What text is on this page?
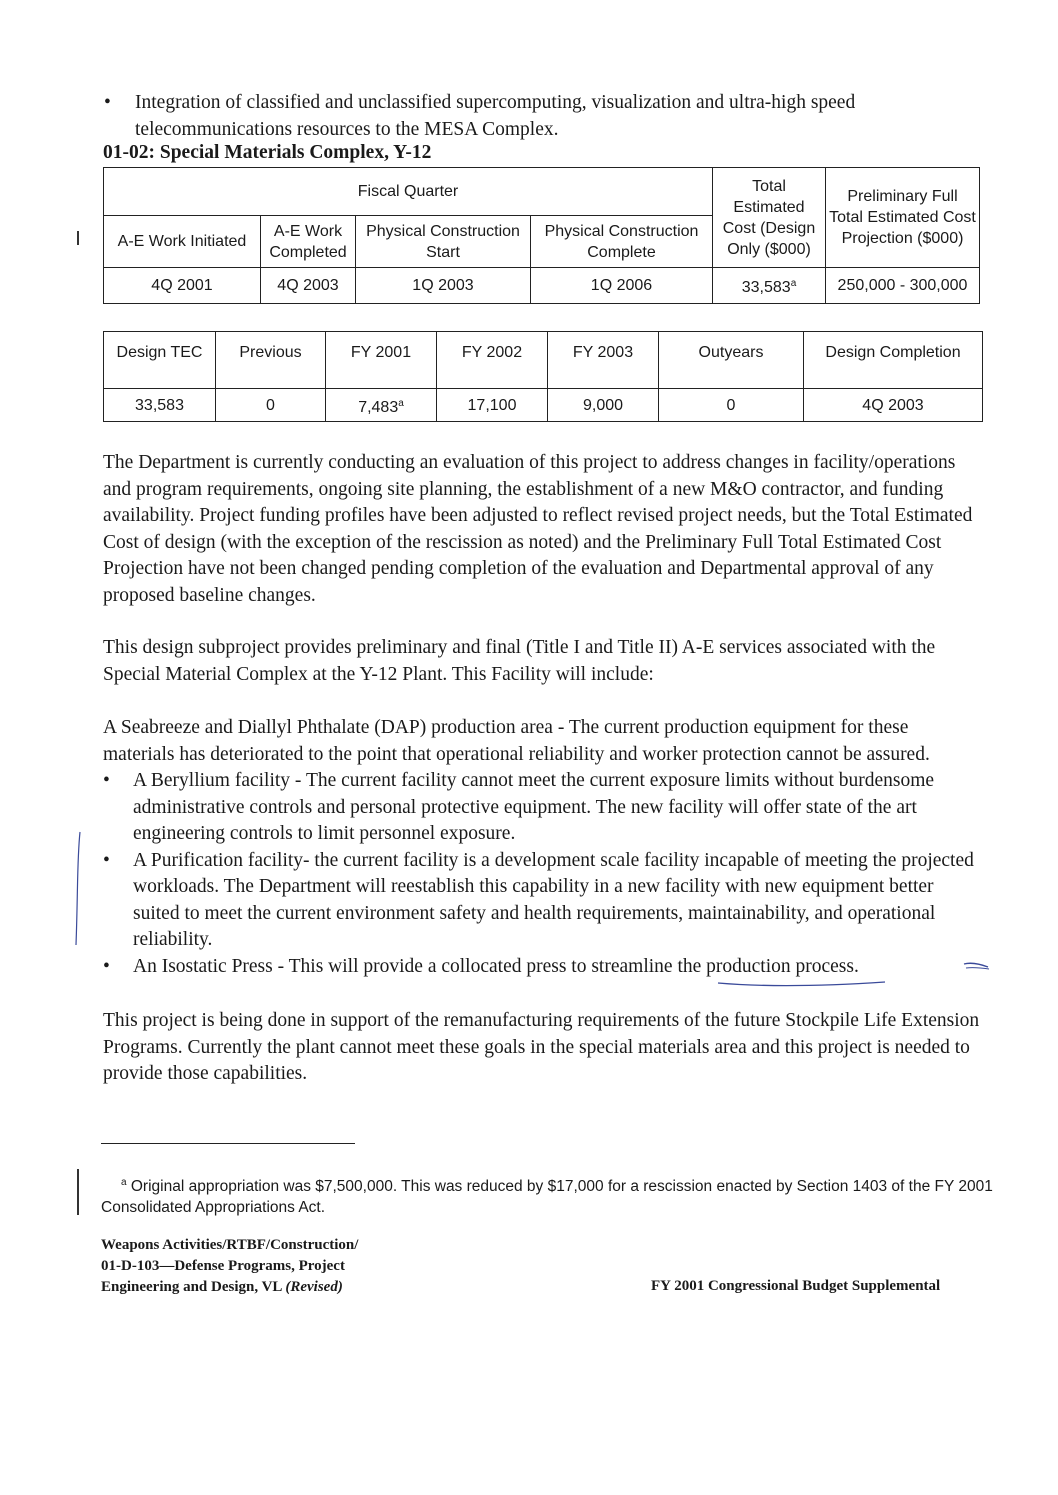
•	Integration of classified and unclassified supercomputing, visualization and ultra-high speed telecommunications resources to the MESA Complex.
01-02: Special Materials Complex, Y-12
Fiscal Quarter				Total Estimated Cost (Design Only ($000)	Preliminary Full Total Estimated Cost Projection ($000)
A-E Work Initiated	A-E Work Completed	Physical Construction Start	Physical Construction Complete		
4Q 2001	4Q 2003	1Q 2003	1Q 2006	33,583$^a$	250,000 - 300,000
Design TEC	Previous	FY 2001	FY 2002	FY 2003	Outyears	Design Completion
33,583	0	7,483$^a$	17,100	9,000	0	4Q 2003
The Department is currently conducting an evaluation of this project to address changes in facility/operations and program requirements, ongoing site planning, the establishment of a new M&O contractor, and funding availability. Project funding profiles have been adjusted to reflect revised project needs, but the Total Estimated Cost of design (with the exception of the rescission as noted) and the Preliminary Full Total Estimated Cost Projection have not been changed pending completion of the evaluation and Departmental approval of any proposed baseline changes.
This design subproject provides preliminary and final (Title I and Title II) A-E services associated with the Special Material Complex at the Y-12 Plant. This Facility will include:
A Seabreeze and Diallyl Phthalate (DAP) production area - The current production equipment for these materials has deteriorated to the point that operational reliability and worker protection cannot be assured.
•	A Beryllium facility - The current facility cannot meet the current exposure limits without burdensome administrative controls and personal protective equipment. The new facility will offer state of the art engineering controls to limit personnel exposure.
•	A Purification facility- the current facility is a development scale facility incapable of meeting the projected workloads. The Department will reestablish this capability in a new facility with new equipment better suited to meet the current environment safety and health requirements, maintainability, and operational reliability.
•	An Isostatic Press - This will provide a collocated press to streamline the production process.
This project is being done in support of the remanufacturing requirements of the future Stockpile Life Extension Programs. Currently the plant cannot meet these goals in the special materials area and this project is needed to provide those capabilities.
$^a$ Original appropriation was $7,500,000. This was reduced by $17,000 for a rescission enacted by Section 1403 of the FY 2001 Consolidated Appropriations Act.
Weapons Activities/RTBF/Construction/
01-D-103—Defense Programs, Project
Engineering and Design, VL (Revised)	FY 2001 Congressional Budget Supplemental
